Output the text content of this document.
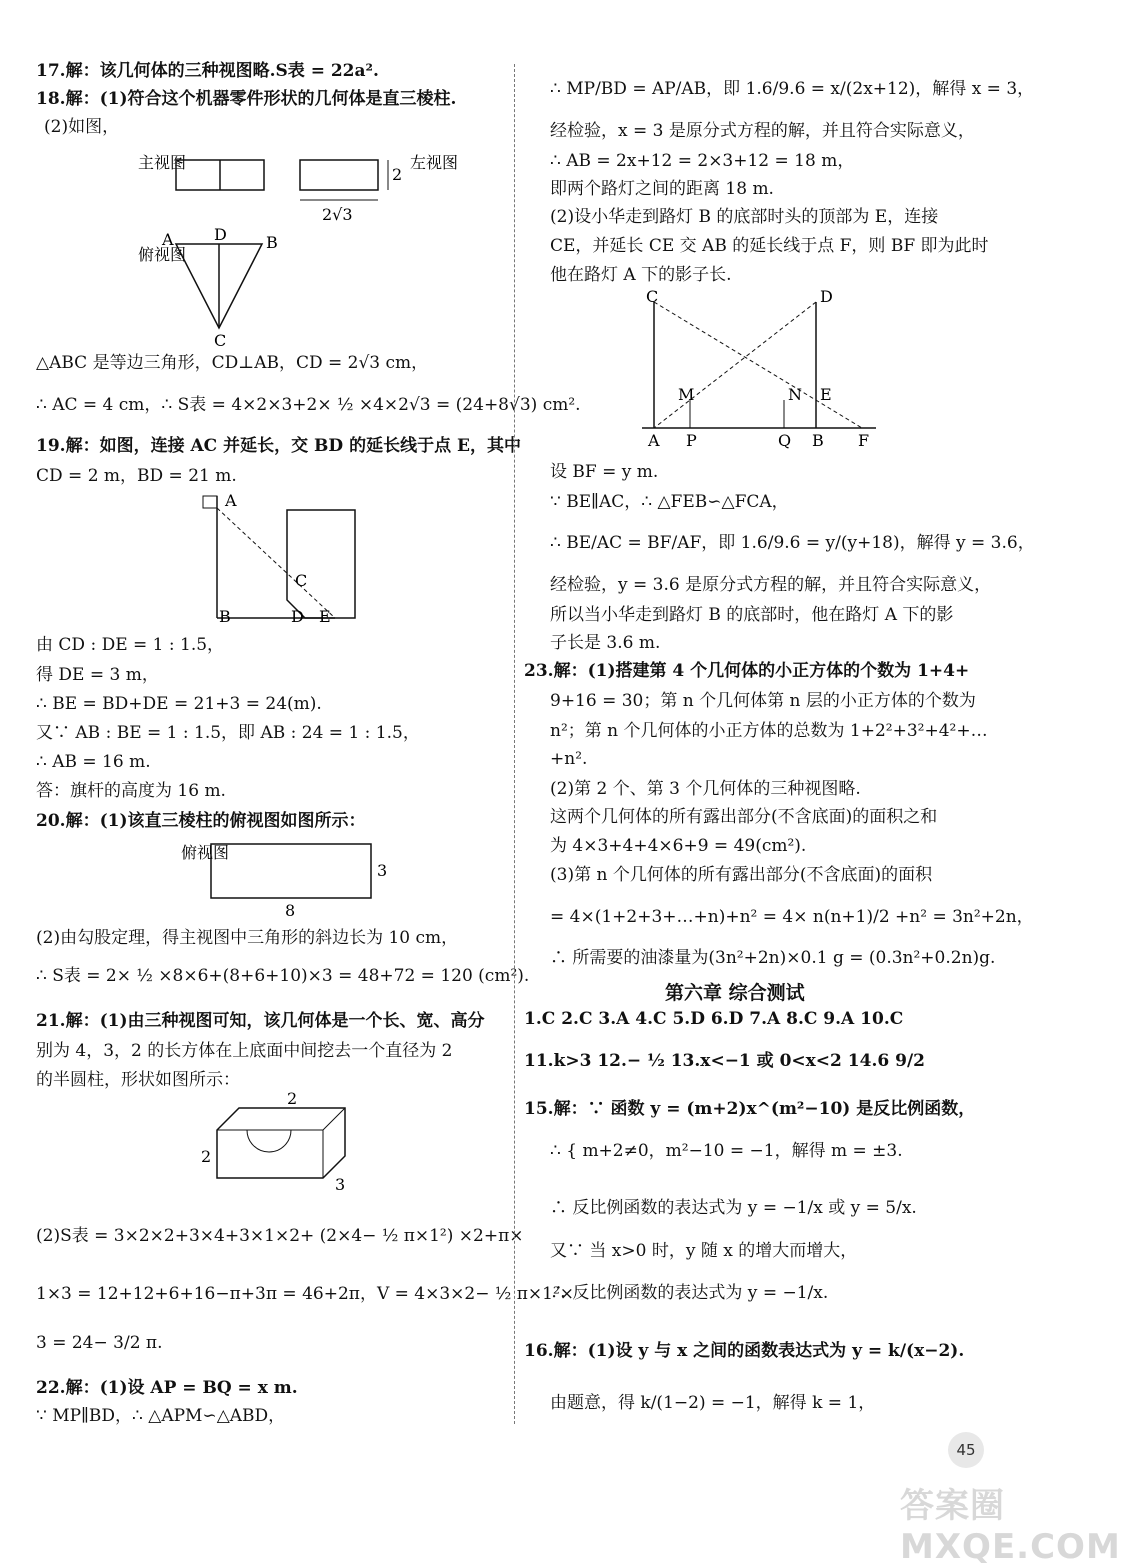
17.解：该几何体的三种视图略.S表 = 22a².
18.解：(1)符合这个机器零件形状的几何体是直三棱柱.
(2)如图，
△ABC 是等边三角形，CD⊥AB，CD = 2√3 cm，
∴ AC = 4 cm，∴ S表 = 4×2×3+2× ½ ×4×2√3 = (24+8√3) cm².
19.解：如图，连接 AC 并延长，交 BD 的延长线于点 E，其中
CD = 2 m，BD = 21 m.
由 CD : DE = 1 : 1.5，
得 DE = 3 m，
∴ BE = BD+DE = 21+3 = 24(m).
又∵ AB : BE = 1 : 1.5，即 AB : 24 = 1 : 1.5，
∴ AB = 16 m.
答：旗杆的高度为 16 m.
20.解：(1)该直三棱柱的俯视图如图所示：
(2)由勾股定理，得主视图中三角形的斜边长为 10 cm，
∴ S表 = 2× ½ ×8×6+(8+6+10)×3 = 48+72 = 120 (cm²).
21.解：(1)由三种视图可知，该几何体是一个长、宽、高分
别为 4，3，2 的长方体在上底面中间挖去一个直径为 2
的半圆柱，形状如图所示：
(2)S表 = 3×2×2+3×4+3×1×2+ (2×4− ½ π×1²) ×2+π×
1×3 = 12+12+6+16−π+3π = 46+2π，V = 4×3×2− ½ π×1²×
3 = 24− 3/2 π.
22.解：(1)设 AP = BQ = x m.
∵ MP∥BD，∴ △APM∽△ABD，
∴ MP/BD = AP/AB，即 1.6/9.6 = x/(2x+12)，解得 x = 3，
经检验，x = 3 是原分式方程的解，并且符合实际意义，
∴ AB = 2x+12 = 2×3+12 = 18 m，
即两个路灯之间的距离 18 m.
(2)设小华走到路灯 B 的底部时头的顶部为 E，连接
CE，并延长 CE 交 AB 的延长线于点 F，则 BF 即为此时
他在路灯 A 下的影子长.
设 BF = y m.
∵ BE∥AC，∴ △FEB∽△FCA，
∴ BE/AC = BF/AF，即 1.6/9.6 = y/(y+18)，解得 y = 3.6，
经检验，y = 3.6 是原分式方程的解，并且符合实际意义，
所以当小华走到路灯 B 的底部时，他在路灯 A 下的影
子长是 3.6 m.
23.解：(1)搭建第 4 个几何体的小正方体的个数为 1+4+
9+16 = 30；第 n 个几何体第 n 层的小正方体的个数为
n²；第 n 个几何体的小正方体的总数为 1+2²+3²+4²+…
+n².
(2)第 2 个、第 3 个几何体的三种视图略.
这两个几何体的所有露出部分(不含底面)的面积之和
为 4×3+4+4×6+9 = 49(cm²).
(3)第 n 个几何体的所有露出部分(不含底面)的面积
= 4×(1+2+3+…+n)+n² = 4× n(n+1)/2 +n² = 3n²+2n，
∴ 所需要的油漆量为(3n²+2n)×0.1 g = (0.3n²+0.2n)g.
1.C 2.C 3.A 4.C 5.D 6.D 7.A 8.C 9.A 10.C
11.k>3 12.− ½ 13.x<−1 或 0<x<2 14.6 9/2
15.解：∵ 函数 y = (m+2)x^(m²−10) 是反比例函数，
∴ { m+2≠0，m²−10 = −1，解得 m = ±3.
∴ 反比例函数的表达式为 y = −1/x 或 y = 5/x.
又∵ 当 x>0 时，y 随 x 的增大而增大，
∴ 反比例函数的表达式为 y = −1/x.
16.解：(1)设 y 与 x 之间的函数表达式为 y = k/(x−2).
由题意，得 k/(1−2) = −1，解得 k = 1，
第六章 综合测试
主视图
2
左视图
2√3
俯视图
A	B
D
C
A
B
C
D E
俯视图
3
8
2
2
3
C	D
M	N E
A P	Q B F
45
答案圈 MXQE.COM
